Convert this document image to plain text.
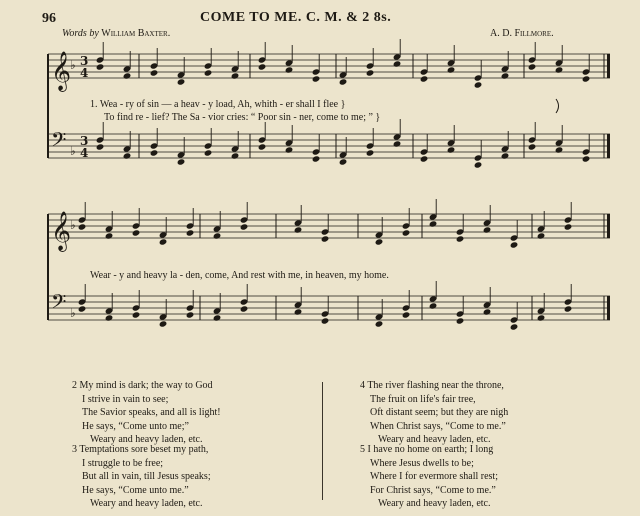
96	COME TO ME. C. M. & 2 8s.
Words by William Baxter.	A. D. Fillmore.
𝄞
♭ 3
4
𝄢 ♭
3
4
𝄞
♭
𝄢 ♭
1. Wea - ry of sin — a heav - y load, Ah, whith - er shall I flee }
To find re - lief? The Sa - vior cries: “ Poor sin - ner, come to me; ” }
Wear - y and heavy la - den, come, And rest with me, in heaven, my home.
2 My mind is dark; the way to God
I strive in vain to see;
The Savior speaks, and all is light!
He says, “Come unto me;”
Weary and heavy laden, etc.
3 Temptations sore beset my path,
I struggle to be free;
But all in vain, till Jesus speaks;
He says, “Come unto me.”
Weary and heavy laden, etc.
4 The river flashing near the throne,
The fruit on life's fair tree,
Oft distant seem; but they are nigh
When Christ says, “Come to me.”
Weary and heavy laden, etc.
5 I have no home on earth; I long
Where Jesus dwells to be;
Where I for evermore shall rest;
For Christ says, “Come to me.”
Weary and heavy laden, etc.
